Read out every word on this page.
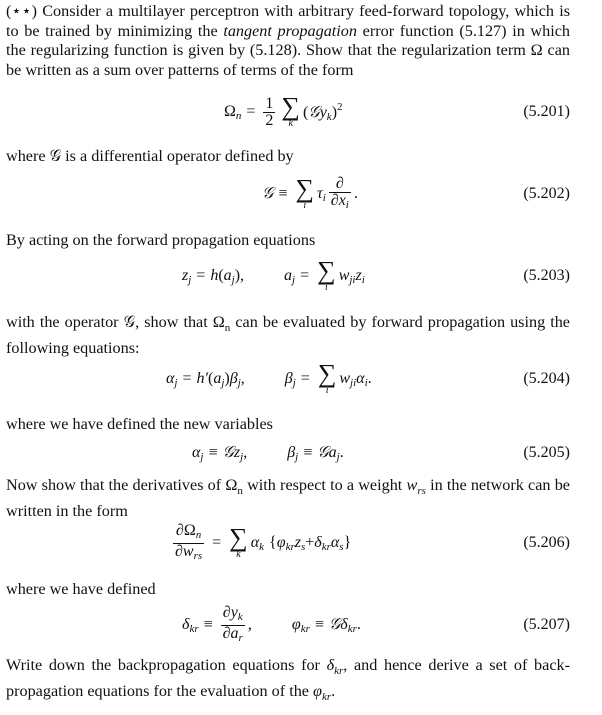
(⋆⋆) Consider a multilayer perceptron with arbitrary feed-forward topology, which is to be trained by minimizing the tangent propagation error function (5.127) in which the regularizing function is given by (5.128). Show that the regularization term Ω can be written as a sum over patterns of terms of the form
$\Omega_n = \frac{1}{2}$ ∑
k
(𝒢y$_k$)$^2$	(5.201)
where 𝒢 is a differential operator defined by
𝒢 ≡ ∑
i
$\tau_i \frac{\partial}{\partial x_i}$ .	(5.202)
By acting on the forward propagation equations
$z_j = h$ ( $a_j$ ),	$a_j$ = ∑
i
$w_{ji}z_i$	(5.203)
with the operator 𝒢, show that $\Omega_n$ can be evaluated by forward propagation using the following equations:
$\alpha_j = h'$ ( $a_j$ ) $\beta_j$ ,	$\beta_j$ = ∑
i
$w_{ji}\alpha_i$ .	(5.204)
where we have defined the new variables
$\alpha_j$ ≡ 𝒢z$_j$ ,	$\beta_j$ ≡ 𝒢a$_j$ .	(5.205)
Now show that the derivatives of $\Omega_n$ with respect to a weight $w_{rs}$ in the network can be written in the form
$\frac{\partial\Omega_n}{\partial w_{rs}}$ = ∑
k
$\alpha_k$ { $\varphi_{kr}z_s + \delta_{kr}\alpha_s$ }	(5.206)
where we have defined
$\delta_{kr} \equiv \frac{\partial y_k}{\partial a_r}$ ,	$\varphi_{kr}$ ≡ 𝒢δ$_{kr}$ .	(5.207)
Write down the backpropagation equations for $\delta_{kr}$, and hence derive a set of back-propagation equations for the evaluation of the $\varphi_{kr}$.
